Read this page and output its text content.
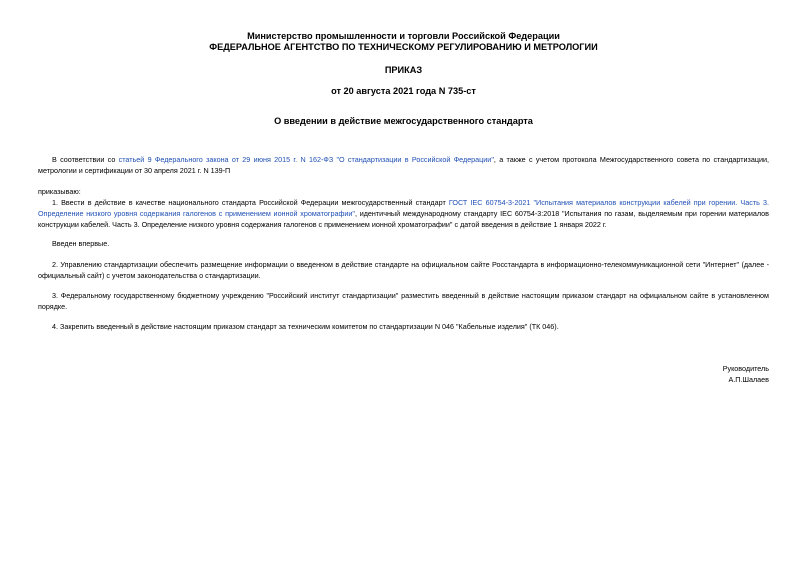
Министерство промышленности и торговли Российской Федерации
ФЕДЕРАЛЬНОЕ АГЕНТСТВО ПО ТЕХНИЧЕСКОМУ РЕГУЛИРОВАНИЮ И МЕТРОЛОГИИ
ПРИКАЗ
от 20 августа 2021 года N 735-ст
О введении в действие межгосударственного стандарта
В соответствии со статьей 9 Федерального закона от 29 июня 2015 г. N 162-ФЗ "О стандартизации в Российской Федерации", а также с учетом протокола Межгосударственного совета по стандартизации, метрологии и сертификации от 30 апреля 2021 г. N 139-П
приказываю:
1. Ввести в действие в качестве национального стандарта Российской Федерации межгосударственный стандарт ГОСТ IEC 60754-3-2021 "Испытания материалов конструкции кабелей при горении. Часть 3. Определение низкого уровня содержания галогенов с применением ионной хроматографии", идентичный международному стандарту IEC 60754-3:2018 "Испытания по газам, выделяемым при горении материалов конструкции кабелей. Часть 3. Определение низкого уровня содержания галогенов с применением ионной хроматографии" с датой введения в действие 1 января 2022 г.
Введен впервые.
2. Управлению стандартизации обеспечить размещение информации о введенном в действие стандарте на официальном сайте Росстандарта в информационно-телекоммуникационной сети "Интернет" (далее - официальный сайт) с учетом законодательства о стандартизации.
3. Федеральному государственному бюджетному учреждению "Российский институт стандартизации" разместить введенный в действие настоящим приказом стандарт на официальном сайте в установленном порядке.
4. Закрепить введенный в действие настоящим приказом стандарт за техническим комитетом по стандартизации N 046 "Кабельные изделия" (ТК 046).
Руководитель
А.П.Шалаев
